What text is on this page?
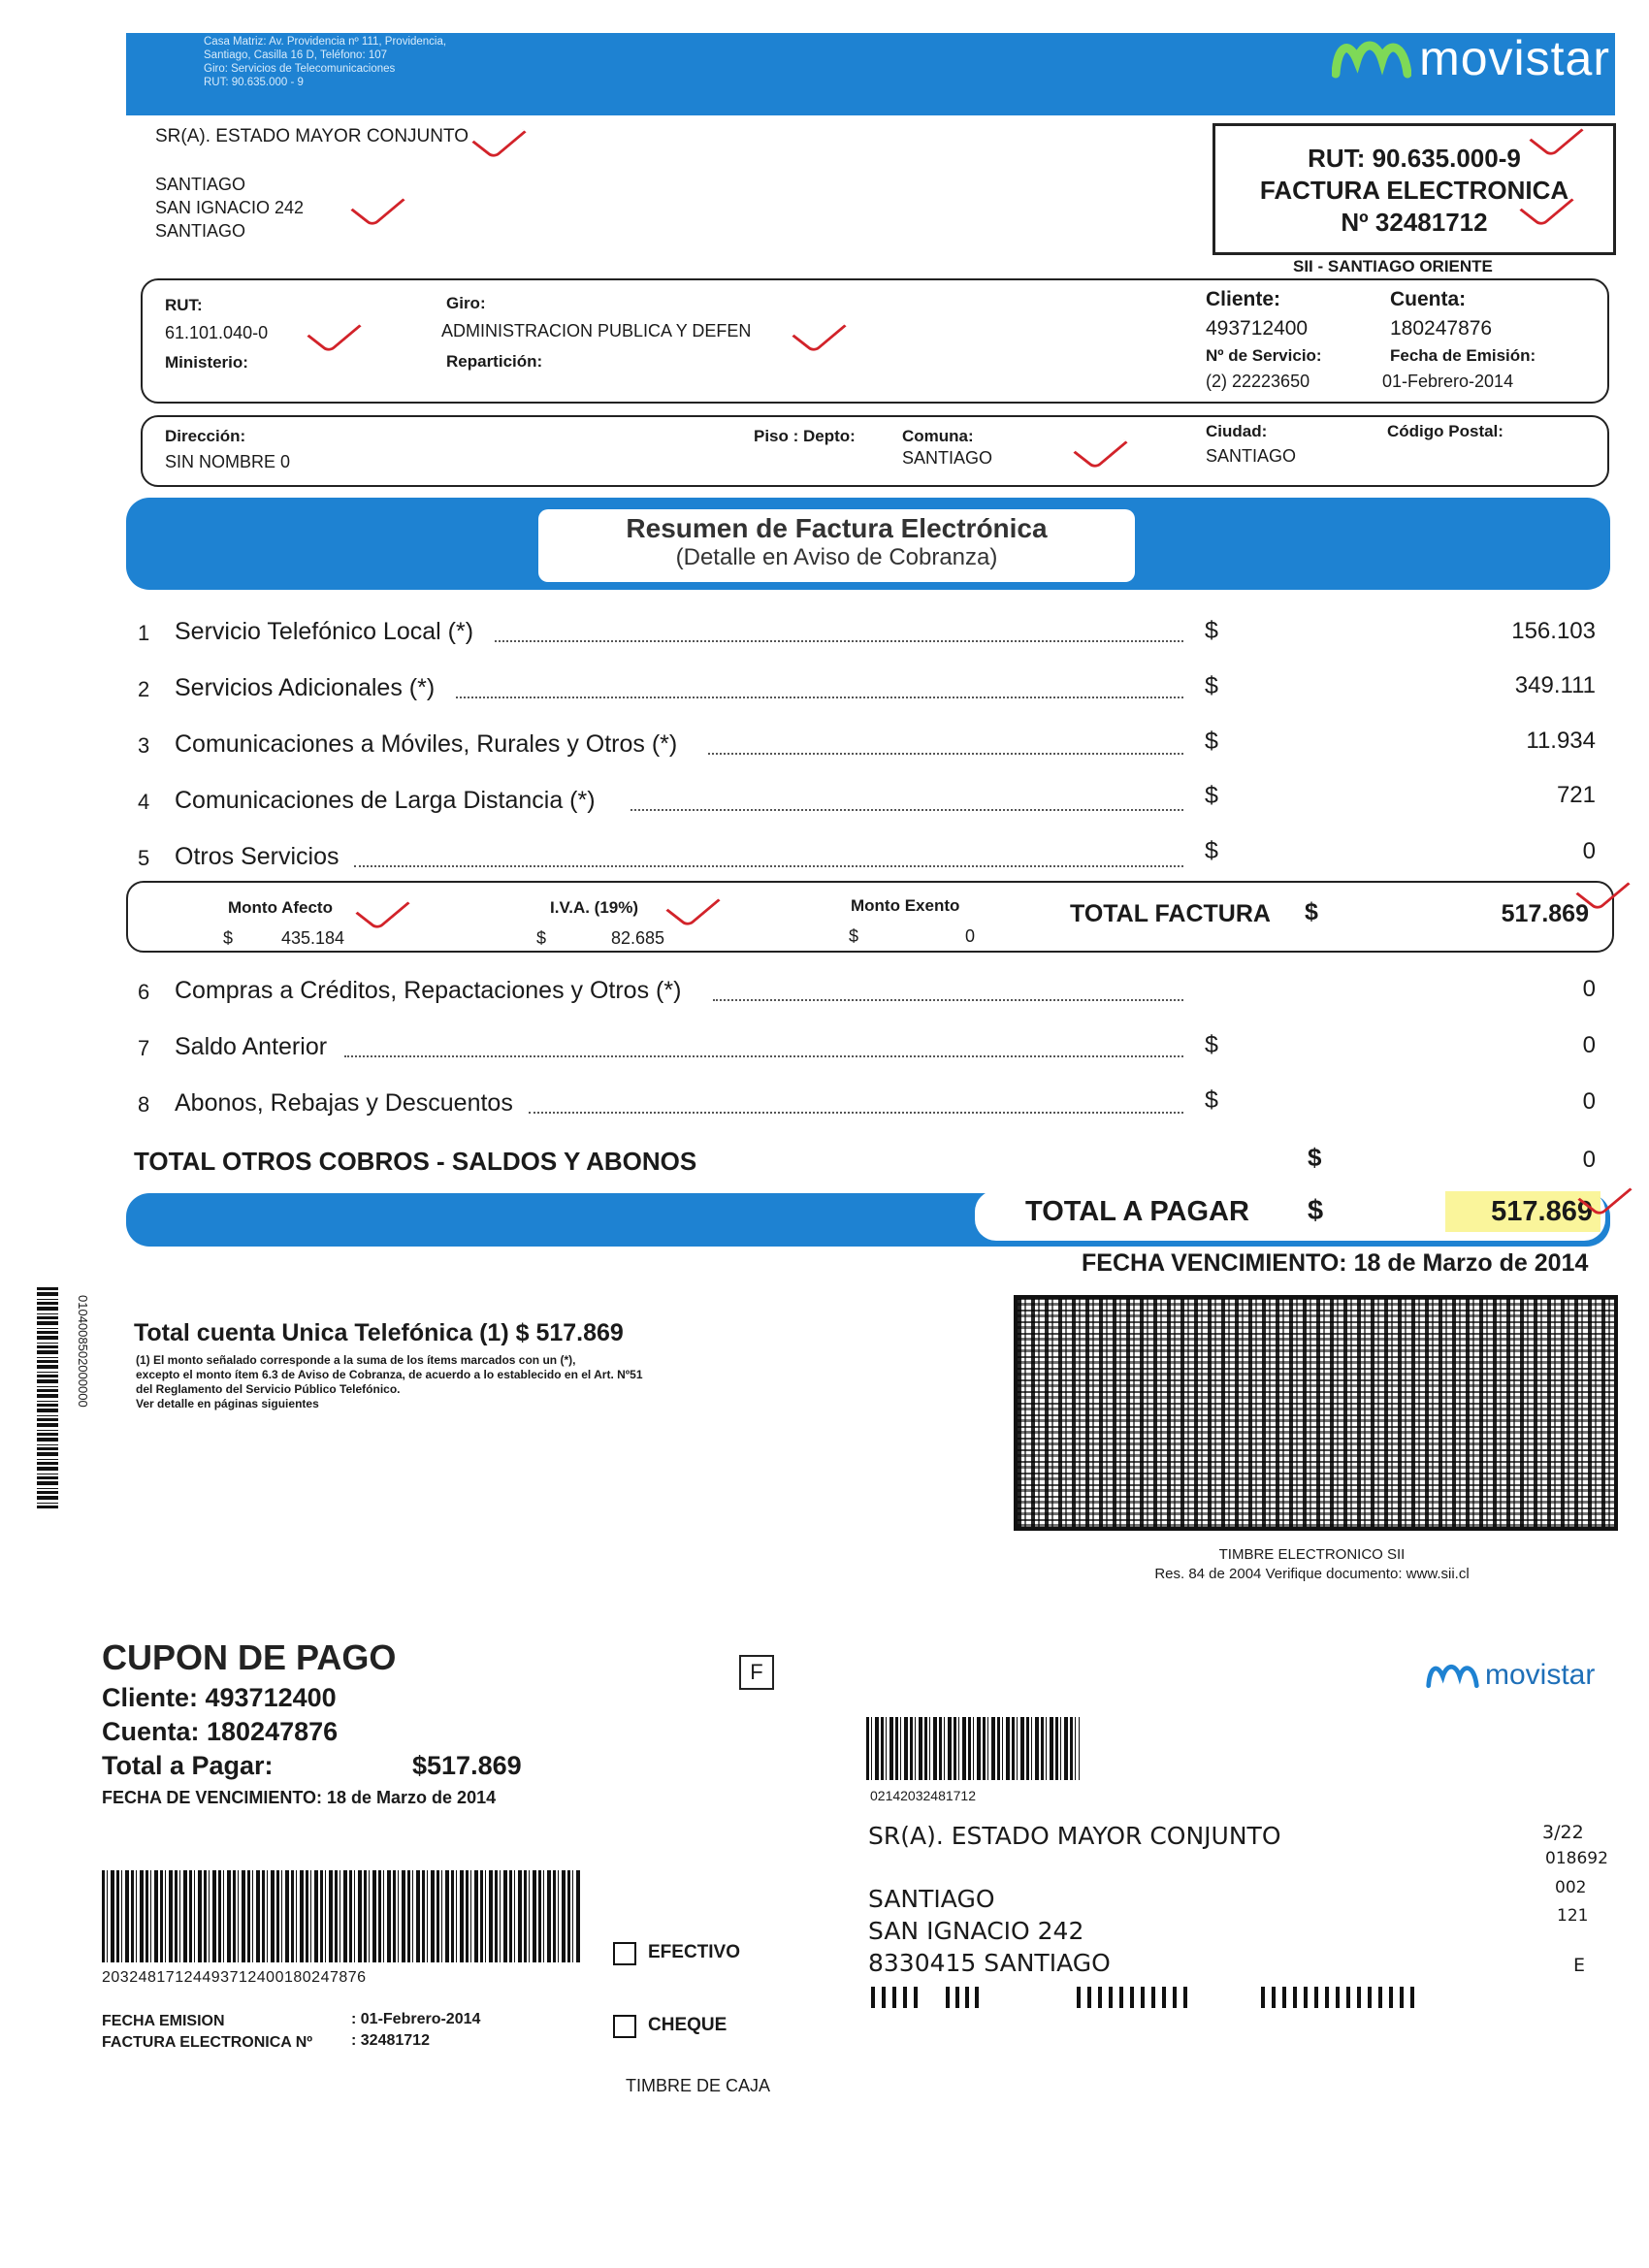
Casa Matriz: Av. Providencia nº 111, Providencia,
Santiago, Casilla 16 D, Teléfono: 107
Giro: Servicios de Telecomunicaciones
RUT: 90.635.000 - 9	movistar
SR(A). ESTADO MAYOR CONJUNTO
SANTIAGO
SAN IGNACIO 242
SANTIAGO
RUT: 90.635.000-9
FACTURA ELECTRONICA
Nº 32481712
SII - SANTIAGO ORIENTE
RUT:
61.101.040-0
Ministerio:
Giro:
ADMINISTRACION PUBLICA Y DEFEN
Repartición:
Cliente:
493712400
Cuenta:
180247876
Nº de Servicio:
(2) 22223650
Fecha de Emisión:
01-Febrero-2014
Dirección:
SIN NOMBRE 0
Piso : Depto:	Comuna:
SANTIAGO
Ciudad:
SANTIAGO
Código Postal:
Resumen de Factura Electrónica
(Detalle en Aviso de Cobranza)
1 Servicio Telefónico Local (*)	$	156.103
2 Servicios Adicionales (*)	$	349.111
3 Comunicaciones a Móviles, Rurales y Otros (*)	$	11.934
4 Comunicaciones de Larga Distancia (*)	$	721
5 Otros Servicios	$	0
Monto Afecto
$	435.184
I.V.A. (19%)
$	82.685
Monto Exento
$	0
TOTAL FACTURA $	517.869
6 Compras a Créditos, Repactaciones y Otros (*)	0
7 Saldo Anterior	$	0
8 Abonos, Rebajas y Descuentos	$	0
TOTAL OTROS COBROS - SALDOS Y ABONOS	$	0
TOTAL A PAGAR $	517.869
FECHA VENCIMIENTO: 18 de Marzo de 2014
0104008502000000 Total cuenta Unica Telefónica (1) $ 517.869
(1) El monto señalado corresponde a la suma de los ítems marcados con un (*),
excepto el monto ítem 6.3 de Aviso de Cobranza, de acuerdo a lo establecido en el Art. Nº51
del Reglamento del Servicio Público Telefónico.
Ver detalle en páginas siguientes
TIMBRE ELECTRONICO SII
Res. 84 de 2004 Verifique documento: www.sii.cl
CUPON DE PAGO
Cliente: 493712400
Cuenta: 180247876
Total a Pagar:	$517.869
FECHA DE VENCIMIENTO: 18 de Marzo de 2014
20324817124493712400180247876
FECHA EMISION	: 01-Febrero-2014
FACTURA ELECTRONICA Nº : 32481712
F
EFECTIVO
CHEQUE
TIMBRE DE CAJA
movistar
02142032481712
SR(A). ESTADO MAYOR CONJUNTO
SANTIAGO
SAN IGNACIO 242
8330415 SANTIAGO
3/22
018692
002
121
E
